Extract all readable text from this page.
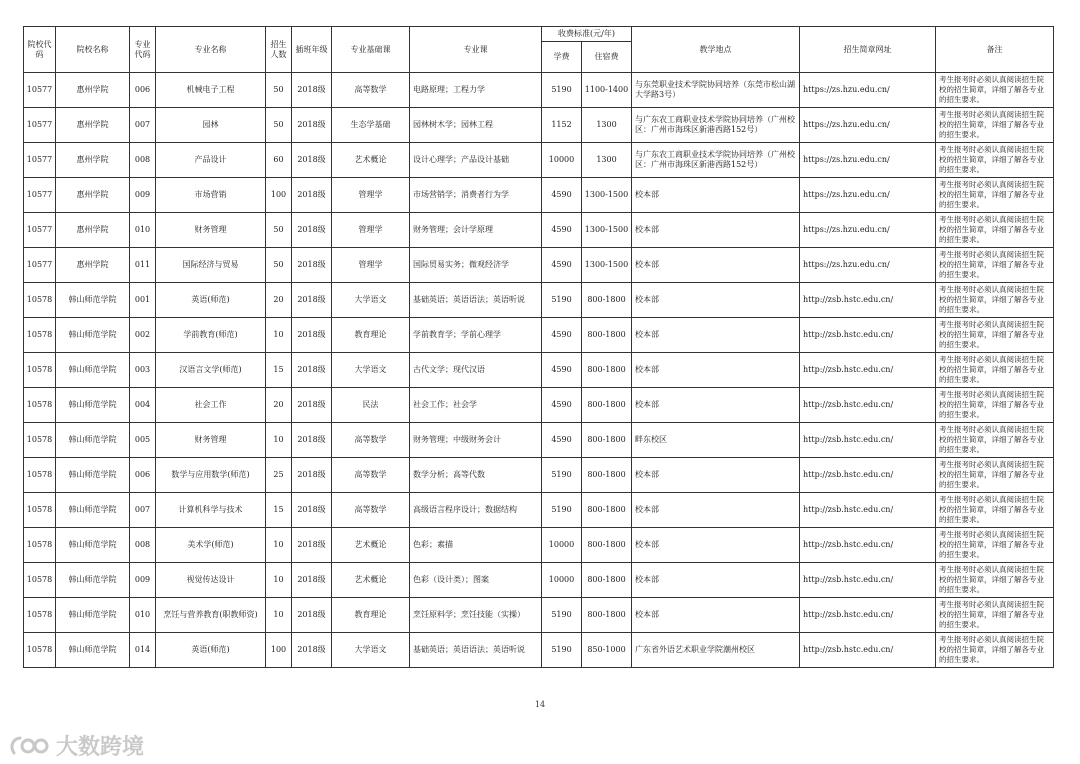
院校代码	院校名称	专业代码	专业名称	招生人数	插班年级	专业基础课	专业课	收费标准(元/年)		教学地点	招生简章网址	备注
								学费	住宿费			
10577	惠州学院	006	机械电子工程	50	2018级	高等数学	电路原理；工程力学	5190	1100-1400	与东莞职业技术学院协同培养（东莞市松山湖大学路3号）	https://zs.hzu.edu.cn/	考生报考时必须认真阅读招生院校的招生简章，详细了解各专业的招生要求。
10577	惠州学院	007	园林	50	2018级	生态学基础	园林树木学；园林工程	1152	1300	与广东农工商职业技术学院协同培养（广州校区：广州市海珠区新港西路152号）	https://zs.hzu.edu.cn/	考生报考时必须认真阅读招生院校的招生简章，详细了解各专业的招生要求。
10577	惠州学院	008	产品设计	60	2018级	艺术概论	设计心理学；产品设计基础	10000	1300	与广东农工商职业技术学院协同培养（广州校区：广州市海珠区新港西路152号）	https://zs.hzu.edu.cn/	考生报考时必须认真阅读招生院校的招生简章，详细了解各专业的招生要求。
10577	惠州学院	009	市场营销	100	2018级	管理学	市场营销学；消费者行为学	4590	1300-1500	校本部	https://zs.hzu.edu.cn/	考生报考时必须认真阅读招生院校的招生简章，详细了解各专业的招生要求。
10577	惠州学院	010	财务管理	50	2018级	管理学	财务管理；会计学原理	4590	1300-1500	校本部	https://zs.hzu.edu.cn/	考生报考时必须认真阅读招生院校的招生简章，详细了解各专业的招生要求。
10577	惠州学院	011	国际经济与贸易	50	2018级	管理学	国际贸易实务；微观经济学	4590	1300-1500	校本部	https://zs.hzu.edu.cn/	考生报考时必须认真阅读招生院校的招生简章，详细了解各专业的招生要求。
10578	韩山师范学院	001	英语(师范)	20	2018级	大学语文	基础英语；英语语法；英语听说	5190	800-1800	校本部	http://zsb.hstc.edu.cn/	考生报考时必须认真阅读招生院校的招生简章，详细了解各专业的招生要求。
10578	韩山师范学院	002	学前教育(师范)	10	2018级	教育理论	学前教育学；学前心理学	4590	800-1800	校本部	http://zsb.hstc.edu.cn/	考生报考时必须认真阅读招生院校的招生简章，详细了解各专业的招生要求。
10578	韩山师范学院	003	汉语言文学(师范)	15	2018级	大学语文	古代文学；现代汉语	4590	800-1800	校本部	http://zsb.hstc.edu.cn/	考生报考时必须认真阅读招生院校的招生简章，详细了解各专业的招生要求。
10578	韩山师范学院	004	社会工作	20	2018级	民法	社会工作；社会学	4590	800-1800	校本部	http://zsb.hstc.edu.cn/	考生报考时必须认真阅读招生院校的招生简章，详细了解各专业的招生要求。
10578	韩山师范学院	005	财务管理	10	2018级	高等数学	财务管理；中级财务会计	4590	800-1800	畔东校区	http://zsb.hstc.edu.cn/	考生报考时必须认真阅读招生院校的招生简章，详细了解各专业的招生要求。
10578	韩山师范学院	006	数学与应用数学(师范)	25	2018级	高等数学	数学分析；高等代数	5190	800-1800	校本部	http://zsb.hstc.edu.cn/	考生报考时必须认真阅读招生院校的招生简章，详细了解各专业的招生要求。
10578	韩山师范学院	007	计算机科学与技术	15	2018级	高等数学	高级语言程序设计；数据结构	5190	800-1800	校本部	http://zsb.hstc.edu.cn/	考生报考时必须认真阅读招生院校的招生简章，详细了解各专业的招生要求。
10578	韩山师范学院	008	美术学(师范)	10	2018级	艺术概论	色彩；素描	10000	800-1800	校本部	http://zsb.hstc.edu.cn/	考生报考时必须认真阅读招生院校的招生简章，详细了解各专业的招生要求。
10578	韩山师范学院	009	视觉传达设计	10	2018级	艺术概论	色彩（设计类）；图案	10000	800-1800	校本部	http://zsb.hstc.edu.cn/	考生报考时必须认真阅读招生院校的招生简章，详细了解各专业的招生要求。
10578	韩山师范学院	010	烹饪与营养教育(职教师资)	10	2018级	教育理论	烹饪原料学；烹饪技能（实操）	5190	800-1800	校本部	http://zsb.hstc.edu.cn/	考生报考时必须认真阅读招生院校的招生简章，详细了解各专业的招生要求。
10578	韩山师范学院	014	英语(师范)	100	2018级	大学语文	基础英语；英语语法；英语听说	5190	850-1000	广东省外语艺术职业学院潮州校区	http://zsb.hstc.edu.cn/	考生报考时必须认真阅读招生院校的招生简章，详细了解各专业的招生要求。
14
大数跨境
